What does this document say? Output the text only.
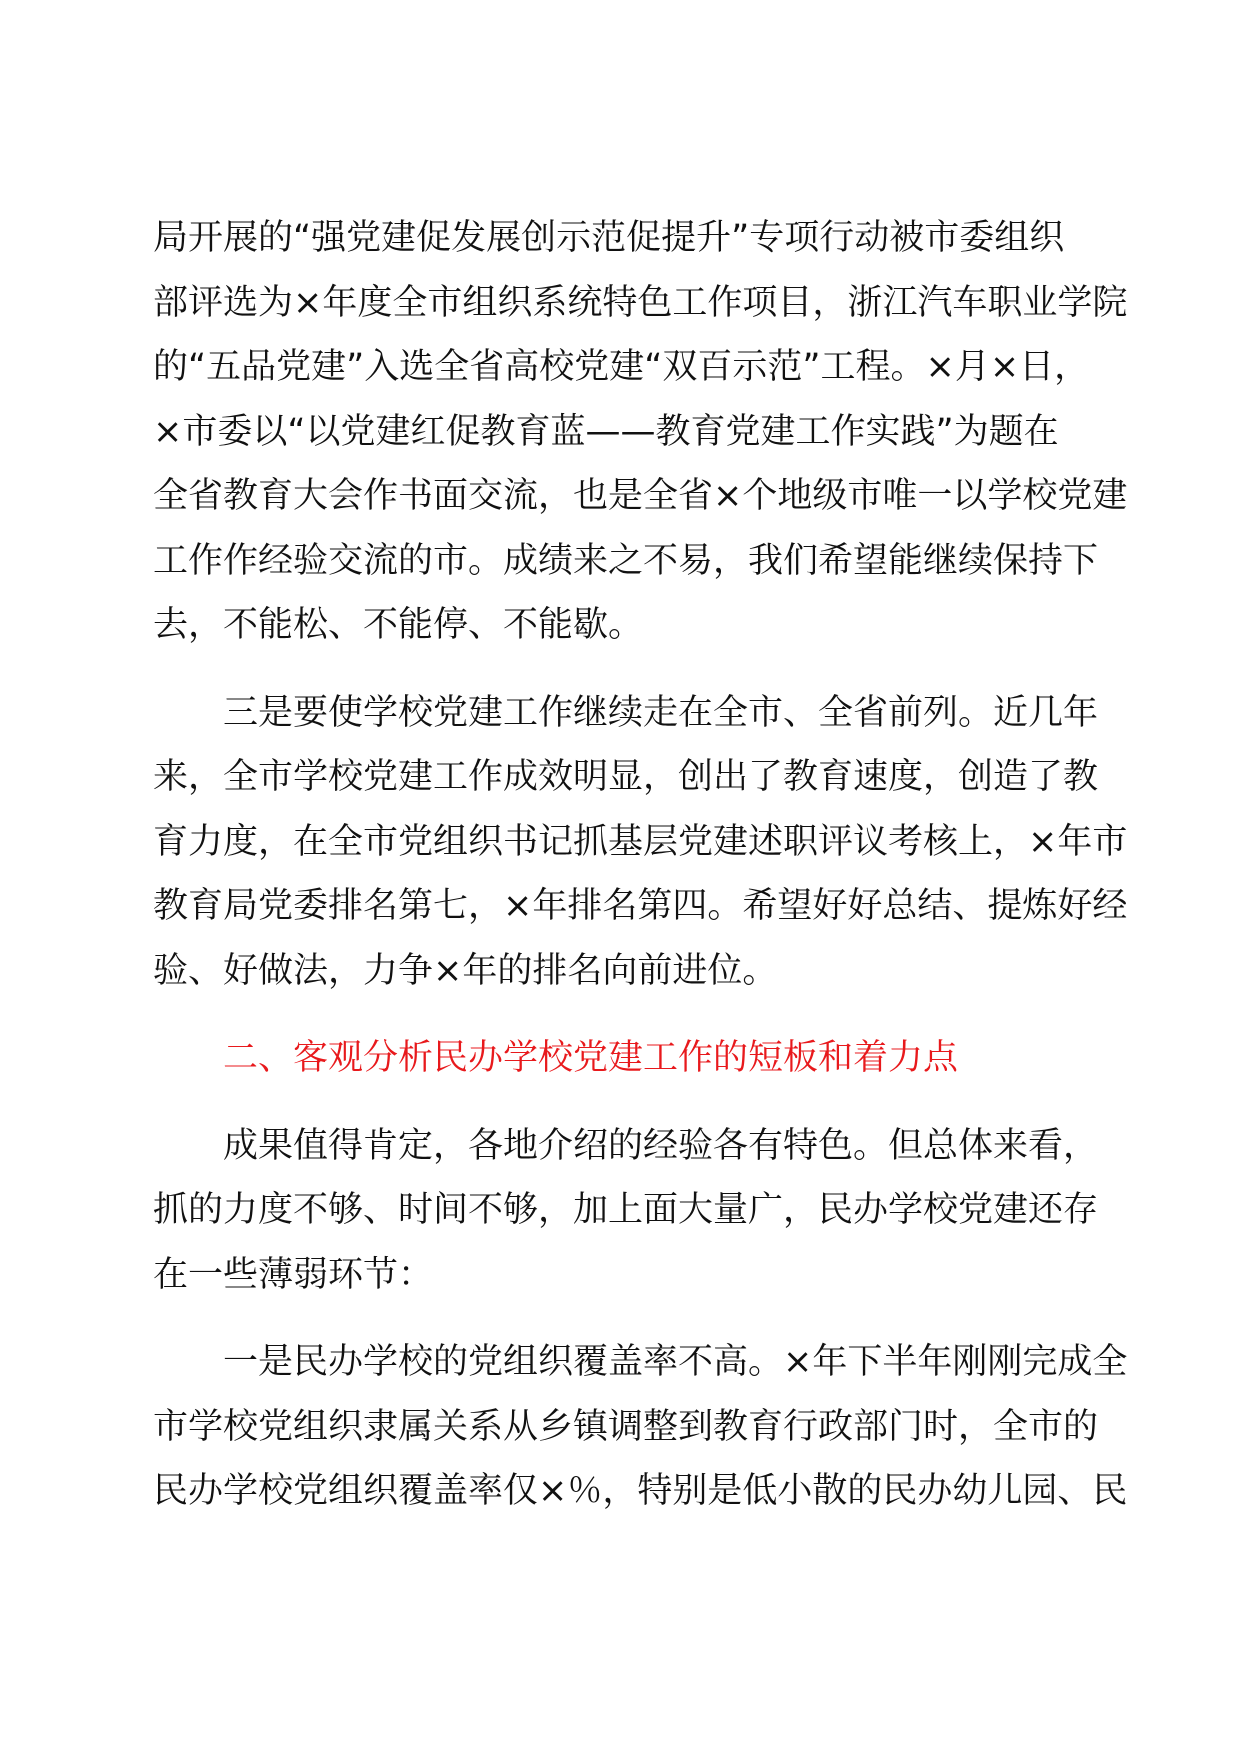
局开展的“强党建促发展创示范促提升”专项行动被市委组织
部评选为×年度全市组织系统特色工作项目，浙江汽车职业学院
的“五品党建”入选全省高校党建“双百示范”工程。×月×日，
×市委以“以党建红促教育蓝——教育党建工作实践”为题在
全省教育大会作书面交流，也是全省×个地级市唯一以学校党建
工作作经验交流的市。成绩来之不易，我们希望能继续保持下
去，不能松、不能停、不能歇。

　　三是要使学校党建工作继续走在全市、全省前列。近几年
来，全市学校党建工作成效明显，创出了教育速度，创造了教
育力度，在全市党组织书记抓基层党建述职评议考核上，×年市
教育局党委排名第七，×年排名第四。希望好好总结、提炼好经
验、好做法，力争×年的排名向前进位。

　　二、客观分析民办学校党建工作的短板和着力点

　　成果值得肯定，各地介绍的经验各有特色。但总体来看，
抓的力度不够、时间不够，加上面大量广，民办学校党建还存
在一些薄弱环节：

　　一是民办学校的党组织覆盖率不高。×年下半年刚刚完成全
市学校党组织隶属关系从乡镇调整到教育行政部门时，全市的
民办学校党组织覆盖率仅×％，特别是低小散的民办幼儿园、民
